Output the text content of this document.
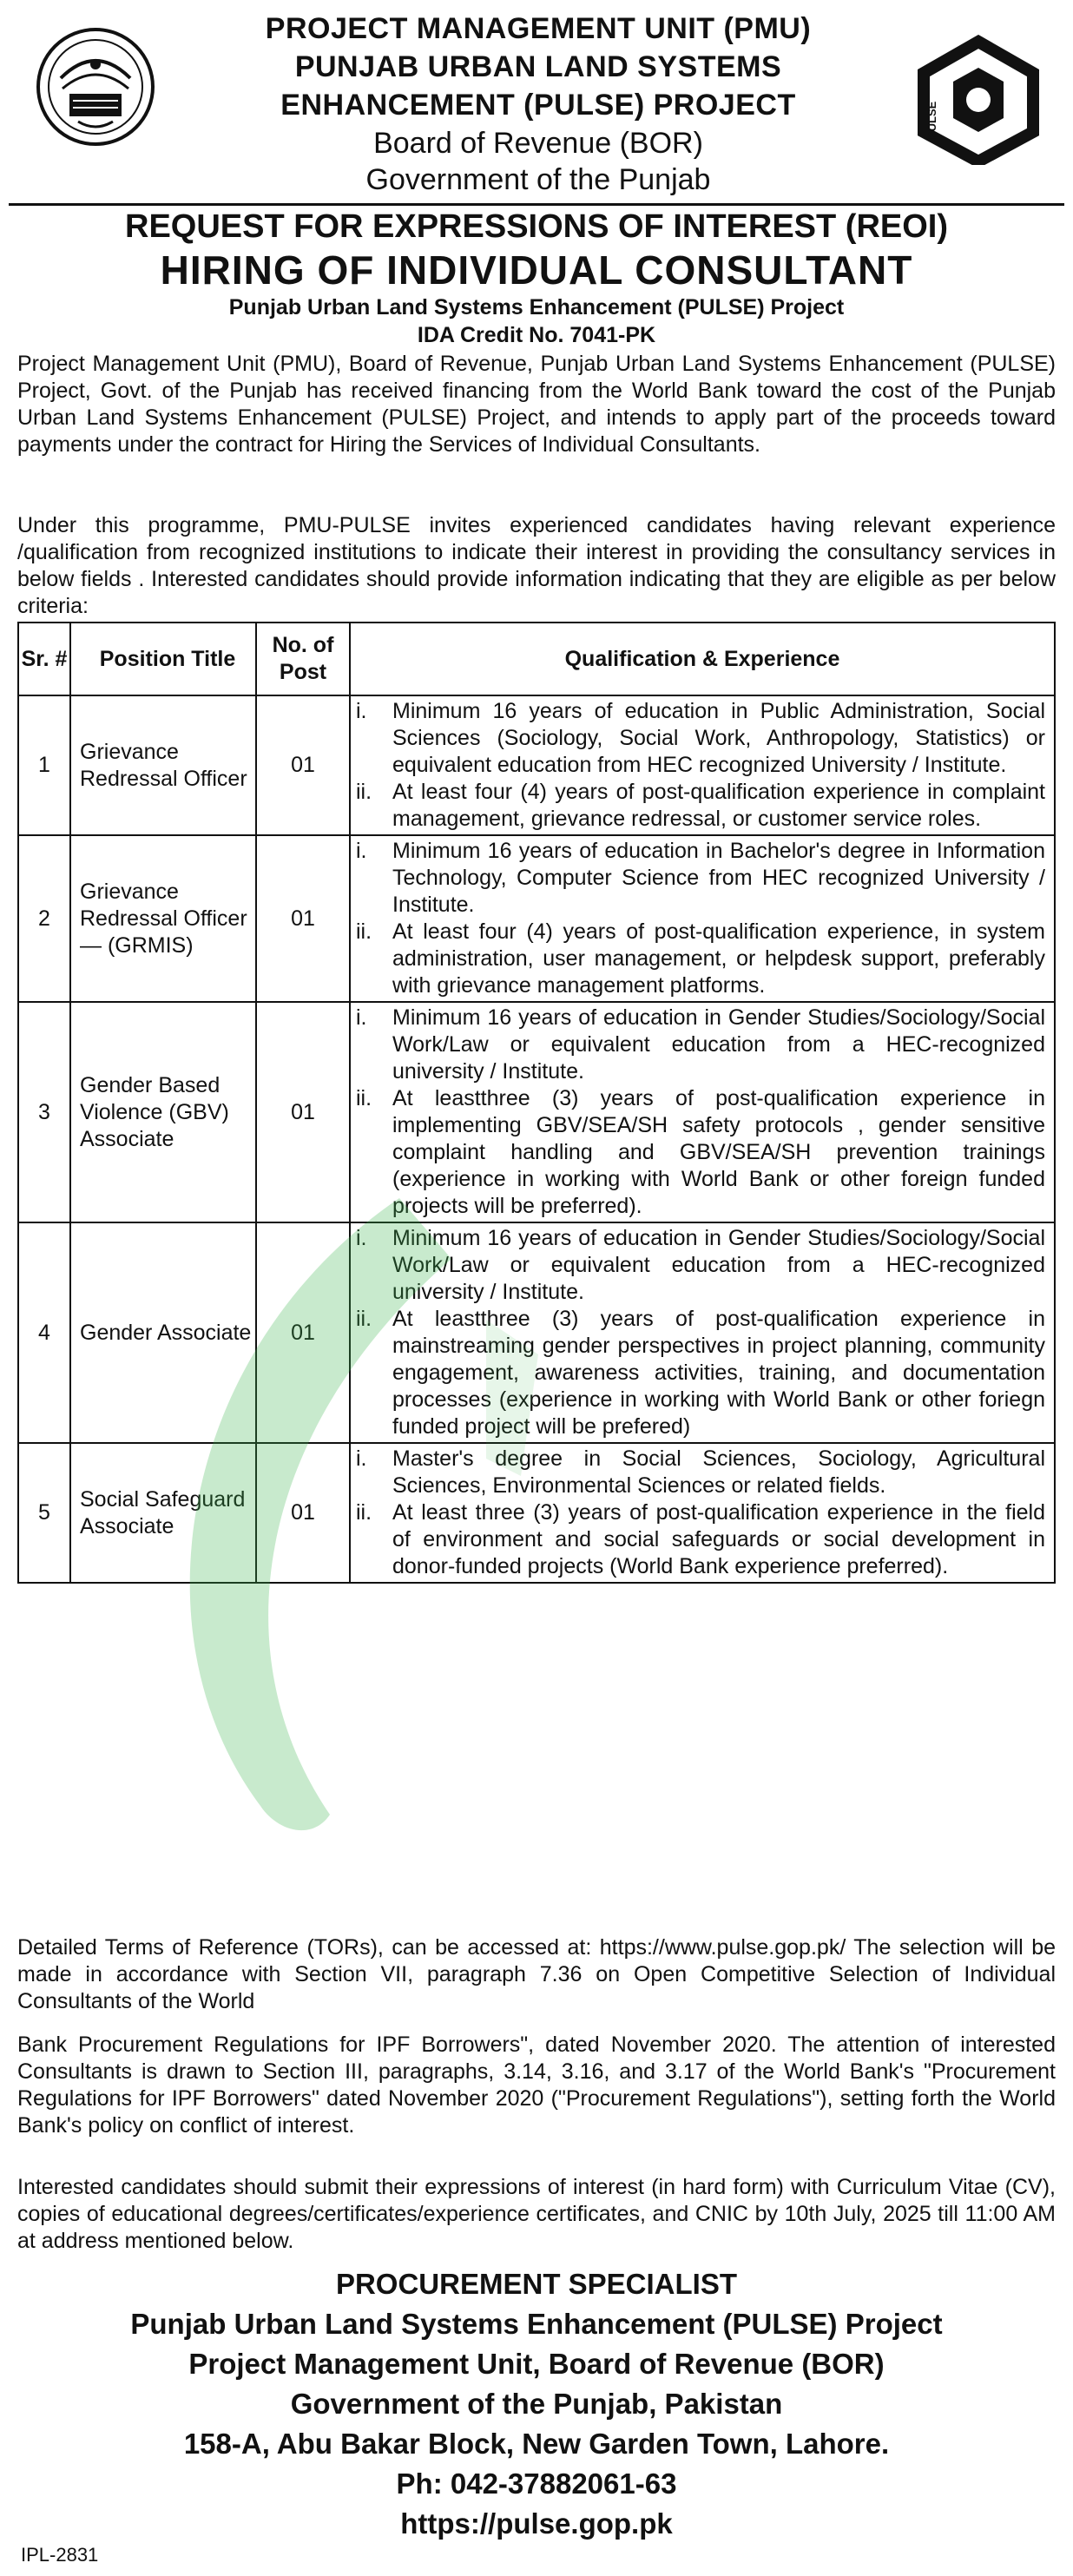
PULSE
PROJECT MANAGEMENT UNIT (PMU)
PUNJAB URBAN LAND SYSTEMS
ENHANCEMENT (PULSE) PROJECT
Board of Revenue (BOR)
Government of the Punjab
REQUEST FOR EXPRESSIONS OF INTEREST (REOI)
HIRING OF INDIVIDUAL CONSULTANT
Punjab Urban Land Systems Enhancement (PULSE) Project
IDA Credit No. 7041-PK

Project Management Unit (PMU), Board of Revenue, Punjab Urban Land Systems Enhancement (PULSE) Project, Govt. of the Punjab has received financing from the World Bank toward the cost of the Punjab Urban Land Systems Enhancement (PULSE) Project, and intends to apply part of the proceeds toward payments under the contract for Hiring the Services of Individual Consultants.

Under this programme, PMU-PULSE invites experienced candidates having relevant experience /qualification from recognized institutions to indicate their interest in providing the consultancy services in below fields . Interested candidates should provide information indicating that they are eligible as per below criteria:

Sr. #	Position Title	No. of Post	Qualification & Experience
1	Grievance Redressal Officer	01	i. Minimum 16 years of education in Public Administration, Social Sciences (Sociology, Social Work, Anthropology, Statistics) or equivalent education from HEC recognized University / Institute.
ii. At least four (4) years of post-qualification experience in complaint management, grievance redressal, or customer service roles.

2	Grievance Redressal Officer — (GRMIS)	01	i. Minimum 16 years of education in Bachelor's degree in Information Technology, Computer Science from HEC recognized University / Institute.
ii. At least four (4) years of post-qualification experience, in system administration, user management, or helpdesk support, preferably with grievance management platforms.

3	Gender Based Violence (GBV) Associate	01	i. Minimum 16 years of education in Gender Studies/Sociology/Social Work/Law or equivalent education from a HEC-recognized university / Institute.
ii. At leastthree (3) years of post-qualification experience in implementing GBV/SEA/SH safety protocols , gender sensitive complaint handling and GBV/SEA/SH prevention trainings (experience in working with World Bank or other foreign funded projects will be preferred).

4	Gender Associate	01	i. Minimum 16 years of education in Gender Studies/Sociology/Social Work/Law or equivalent education from a HEC-recognized university / Institute.
ii. At leastthree (3) years of post-qualification experience in mainstreaming gender perspectives in project planning, community engagement, awareness activities, training, and documentation processes (experience in working with World Bank or other foriegn funded project will be prefered)

5	Social Safeguard Associate	01	i. Master's degree in Social Sciences, Sociology, Agricultural Sciences, Environmental Sciences or related fields.
ii. At least three (3) years of post-qualification experience in the field of environment and social safeguards or social development in donor-funded projects (World Bank experience preferred).

Detailed Terms of Reference (TORs), can be accessed at: https://www.pulse.gop.pk/ The selection will be made in accordance with Section VII, paragraph 7.36 on Open Competitive Selection of Individual Consultants of the World

Bank Procurement Regulations for IPF Borrowers", dated November 2020. The attention of interested Consultants is drawn to Section III, paragraphs, 3.14, 3.16, and 3.17 of the World Bank's "Procurement Regulations for IPF Borrowers" dated November 2020 ("Procurement Regulations"), setting forth the World Bank's policy on conflict of interest.

Interested candidates should submit their expressions of interest (in hard form) with Curriculum Vitae (CV), copies of educational degrees/certificates/experience certificates, and CNIC by 10th July, 2025 till 11:00 AM at address mentioned below.

PROCUREMENT SPECIALIST
Punjab Urban Land Systems Enhancement (PULSE) Project
Project Management Unit, Board of Revenue (BOR)
Government of the Punjab, Pakistan
158-A, Abu Bakar Block, New Garden Town, Lahore.
Ph: 042-37882061-63
https://pulse.gop.pk
IPL-2831
